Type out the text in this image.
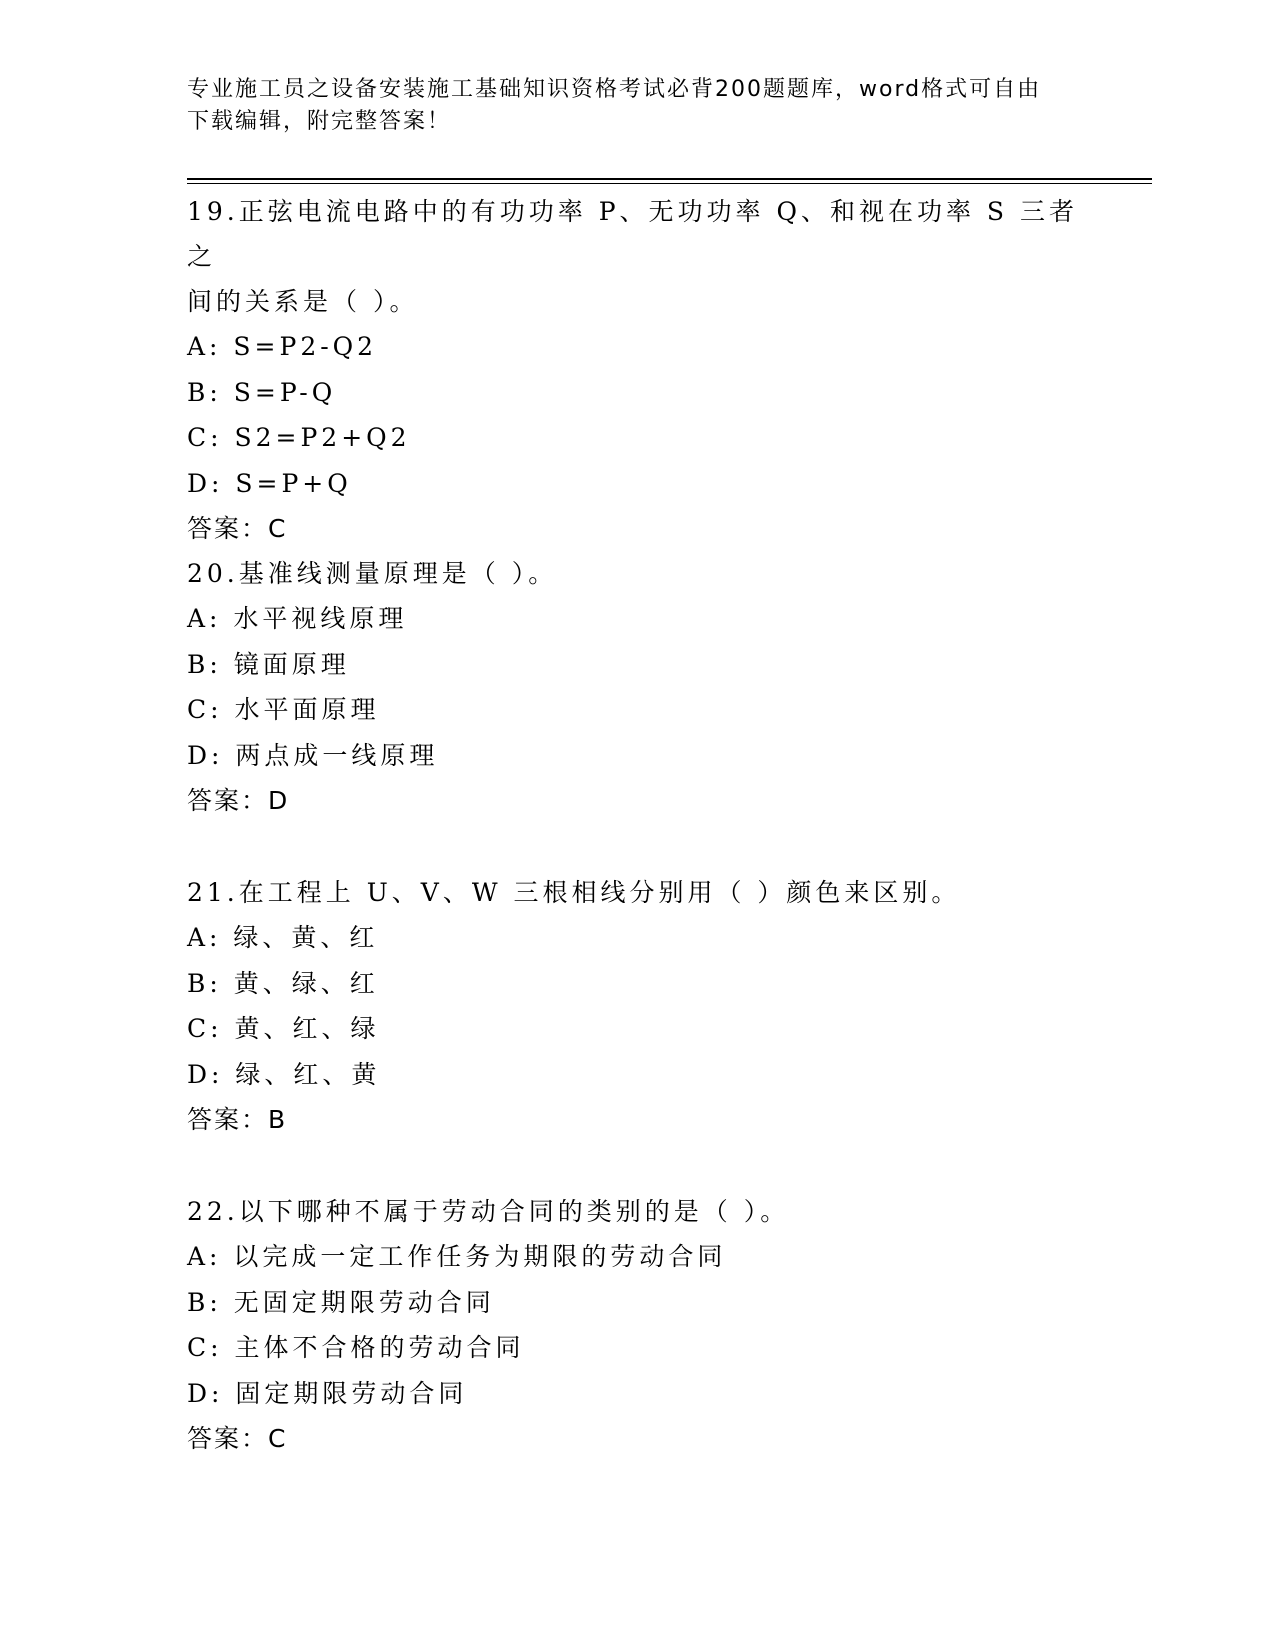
专业施工员之设备安装施工基础知识资格考试必背200题题库，word格式可自由
下载编辑，附完整答案！

19.正弦电流电路中的有功功率 P、无功功率 Q、和视在功率 S 三者之

间的关系是（ ）。

A: S=P2-Q2

B: S=P-Q

C: S2=P2+Q2

D: S=P+Q

答案：C

20.基准线测量原理是（ ）。

A: 水平视线原理

B: 镜面原理

C: 水平面原理

D: 两点成一线原理

答案：D

21.在工程上 U、V、W 三根相线分别用（ ）颜色来区别。

A: 绿、黄、红

B: 黄、绿、红

C: 黄、红、绿

D: 绿、红、黄

答案：B

22.以下哪种不属于劳动合同的类别的是（ ）。

A: 以完成一定工作任务为期限的劳动合同

B: 无固定期限劳动合同

C: 主体不合格的劳动合同

D: 固定期限劳动合同

答案：C
